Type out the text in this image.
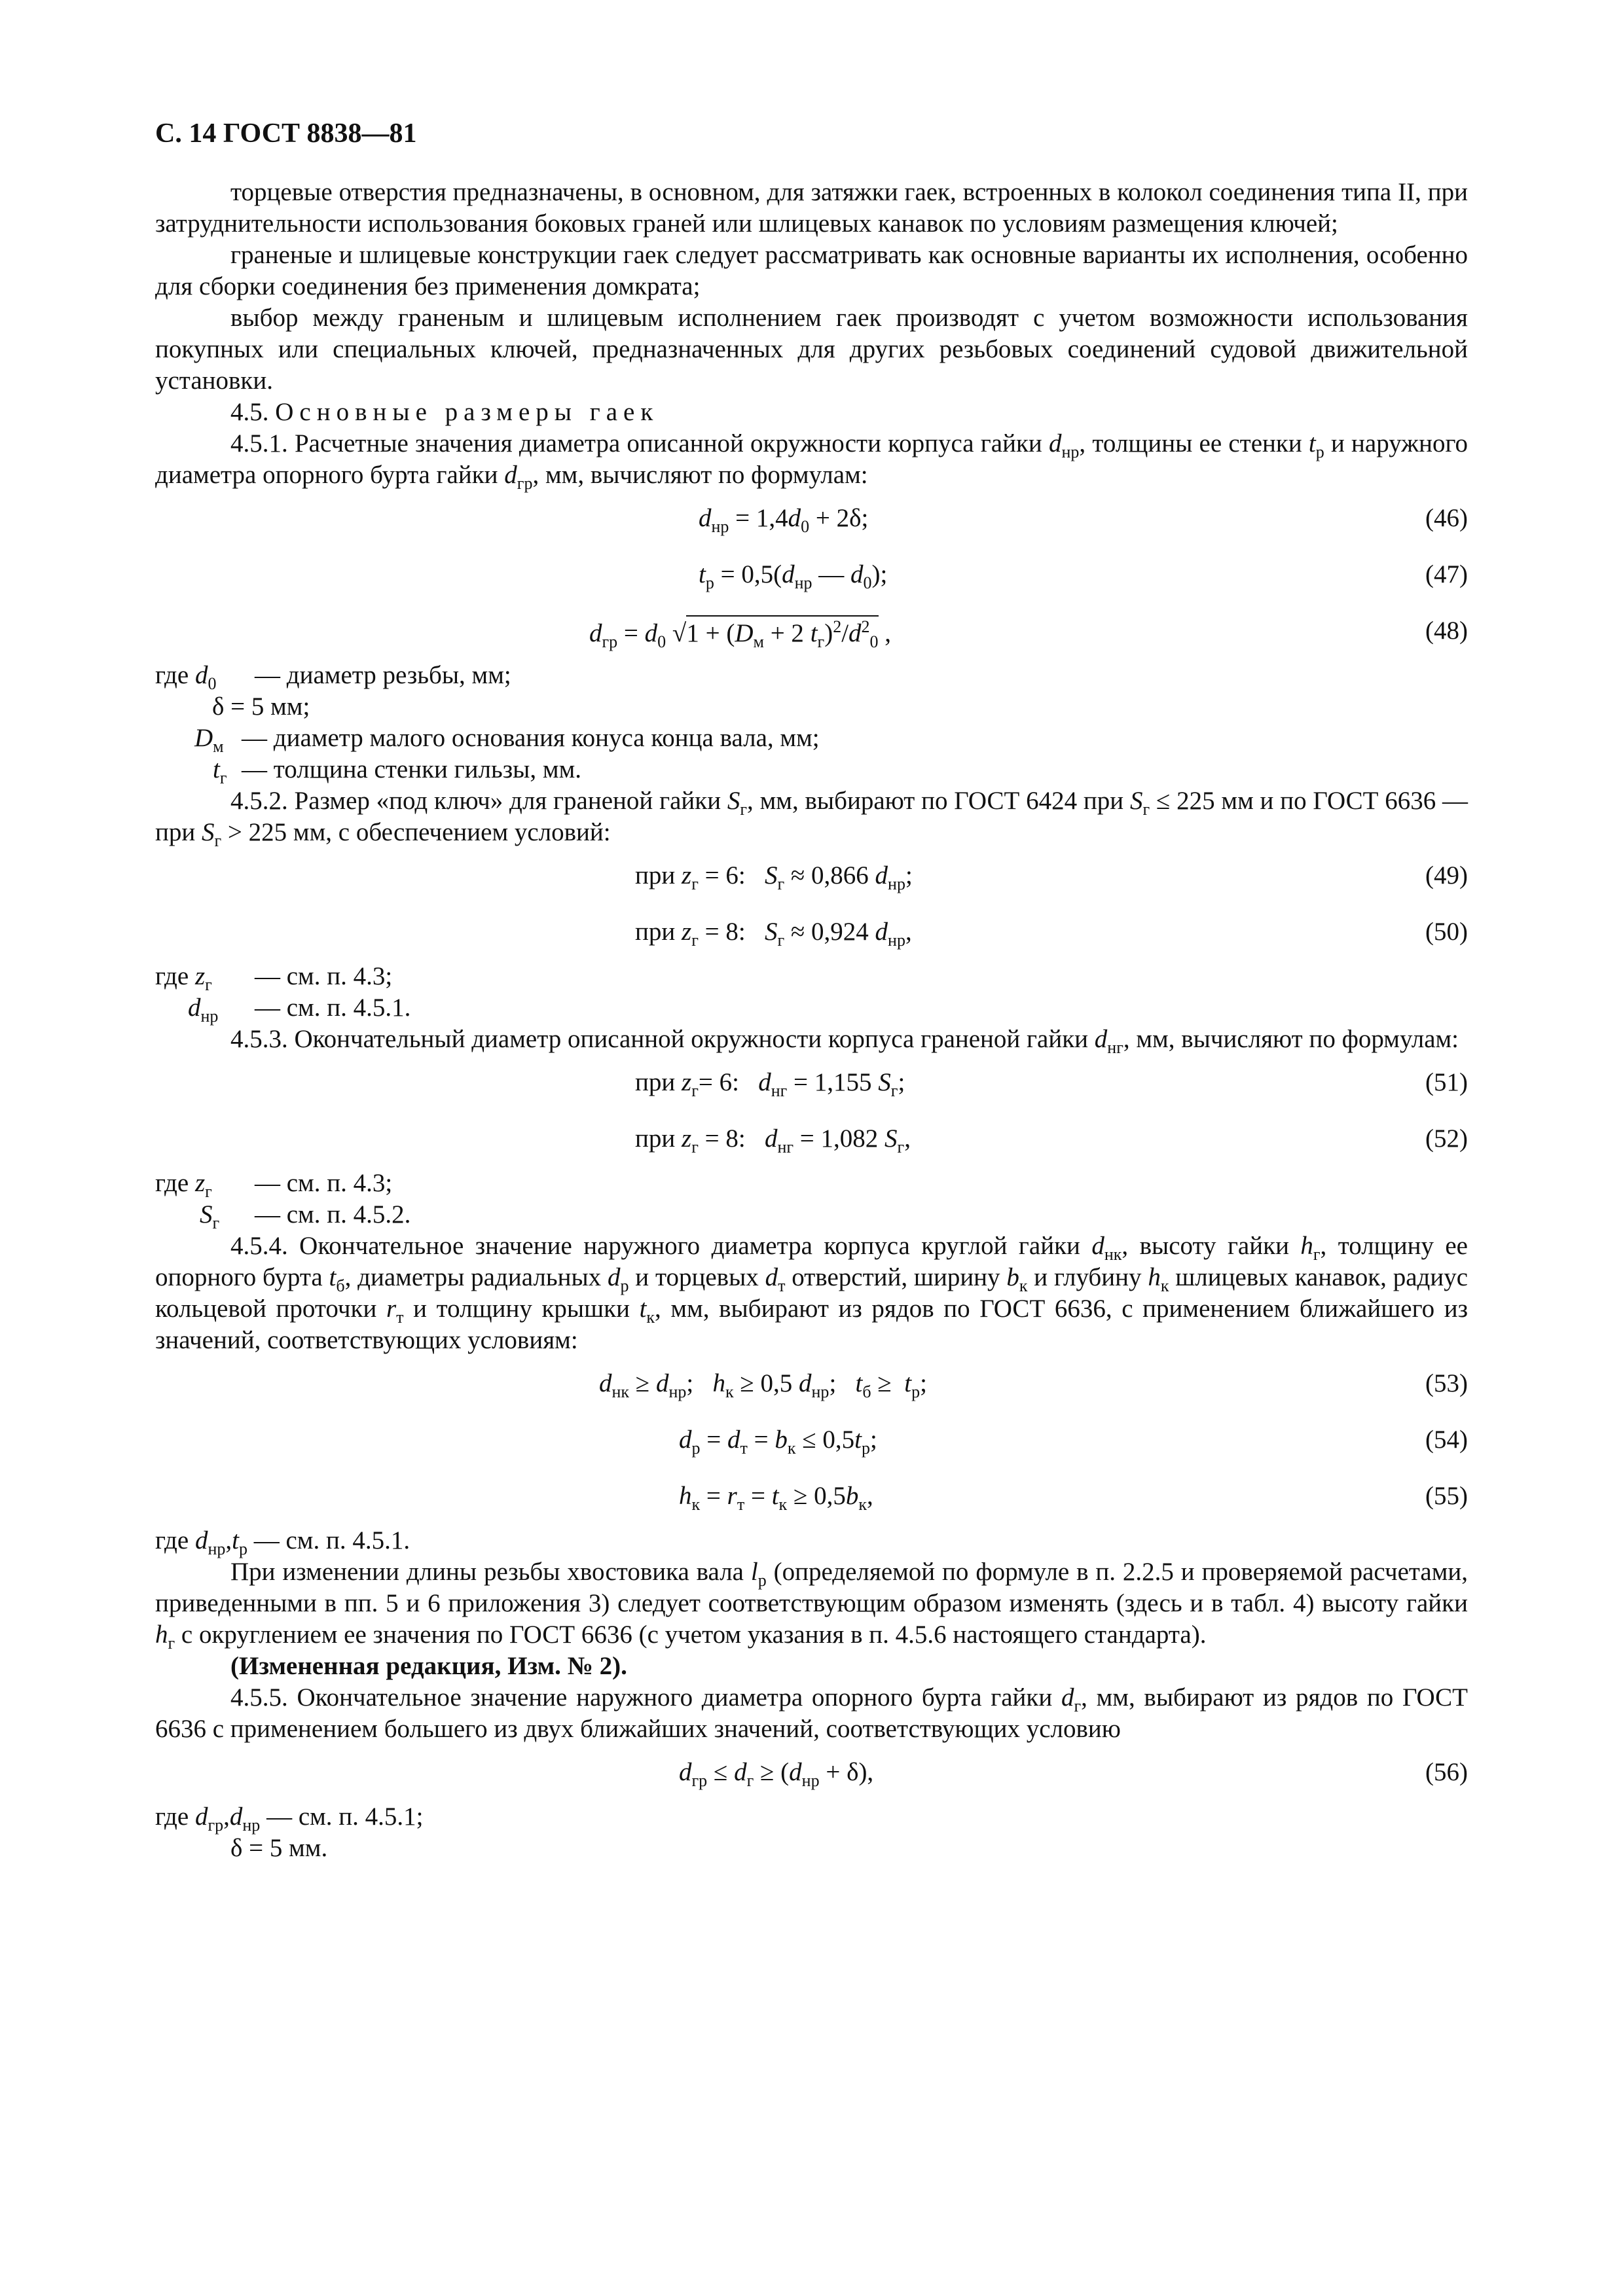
С. 14 ГОСТ 8838—81

торцевые отверстия предназначены, в основном, для затяжки гаек, встроенных в колокол соединения типа II, при затруднительности использования боковых граней или шлицевых канавок по условиям размещения ключей;

граненые и шлицевые конструкции гаек следует рассматривать как основные варианты их исполнения, особенно для сборки соединения без применения домкрата;

выбор между граненым и шлицевым исполнением гаек производят с учетом возможности использования покупных или специальных ключей, предназначенных для других резьбовых соединений судовой движительной установки.

4.5. Основные размеры гаек

4.5.1. Расчетные значения диаметра описанной окружности корпуса гайки $d_{нр}$, толщины ее стенки $t_р$ и наружного диаметра опорного бурта гайки $d_{гр}$, мм, вычисляют по формулам:

$d_{нр} = 1,4d_0 + 2\delta$;	(46)
$t_р = 0,5(d_{нр}$ — $d_0$);	(47)
$d_{гр} = d_0$ $√1 + (D_м + 2$ $t_г)^2/d^2_0$ ,	(48)
где $d_0$ — диаметр резьбы, мм;
δ = 5 мм;
$D_м$ — диаметр малого основания конуса конца вала, мм;
$t_г$ — толщина стенки гильзы, мм.

4.5.2. Размер «под ключ» для граненой гайки $S_г$, мм, выбирают по ГОСТ 6424 при $S_г \le 225$ мм и по ГОСТ 6636 — при $S_г > 225$ мм, с обеспечением условий:

при $z_г = 6$:   $S_г \approx 0,866$ $d_{нр}$;	(49)
при $z_г = 8$:   $S_г \approx 0,924$ $d_{нр}$,	(50)
где $z_г$ — см. п. 4.3;
$d_{нр}$ — см. п. 4.5.1.

4.5.3. Окончательный диаметр описанной окружности корпуса граненой гайки $d_{нг}$, мм, вычисляют по формулам:

при $z_г= 6$:   $d_{нг} = 1,155$ $S_г$;	(51)
при $z_г = 8$:   $d_{нг} = 1,082$ $S_г$,	(52)
где $z_г$ — см. п. 4.3;
$S_г$ — см. п. 4.5.2.

4.5.4. Окончательное значение наружного диаметра корпуса круглой гайки $d_{нк}$, высоту гайки $h_г$, толщину ее опорного бурта $t_б$, диаметры радиальных $d_р$ и торцевых $d_т$ отверстий, ширину $b_к$ и глубину $h_к$ шлицевых канавок, радиус кольцевой проточки $r_т$ и толщину крышки $t_к$, мм, выбирают из рядов по ГОСТ 6636, с применением ближайшего из значений, соответствующих условиям:

$d_{нк} \ge d_{нр}$;   $h_к \ge 0,5$ $d_{нр}$;   $t_б \ge t_р$;	(53)
$d_р = d_т = b_к \le 0,5t_р$;	(54)
$h_к = r_т = t_к \ge 0,5b_к$,	(55)
где $d_{нр},t_р$ — см. п. 4.5.1.

При изменении длины резьбы хвостовика вала $l_р$ (определяемой по формуле в п. 2.2.5 и проверяемой расчетами, приведенными в пп. 5 и 6 приложения 3) следует соответствующим образом изменять (здесь и в табл. 4) высоту гайки $h_г$ с округлением ее значения по ГОСТ 6636 (с учетом указания в п. 4.5.6 настоящего стандарта).

(Измененная редакция, Изм. № 2).

4.5.5. Окончательное значение наружного диаметра опорного бурта гайки $d_г$, мм, выбирают из рядов по ГОСТ 6636 с применением большего из двух ближайших значений, соответствующих условию

$d_{гр} \le d_г \ge (d_{нр} + \delta)$,	(56)
где $d_{гр},d_{нр}$ — см. п. 4.5.1;
δ = 5 мм.
